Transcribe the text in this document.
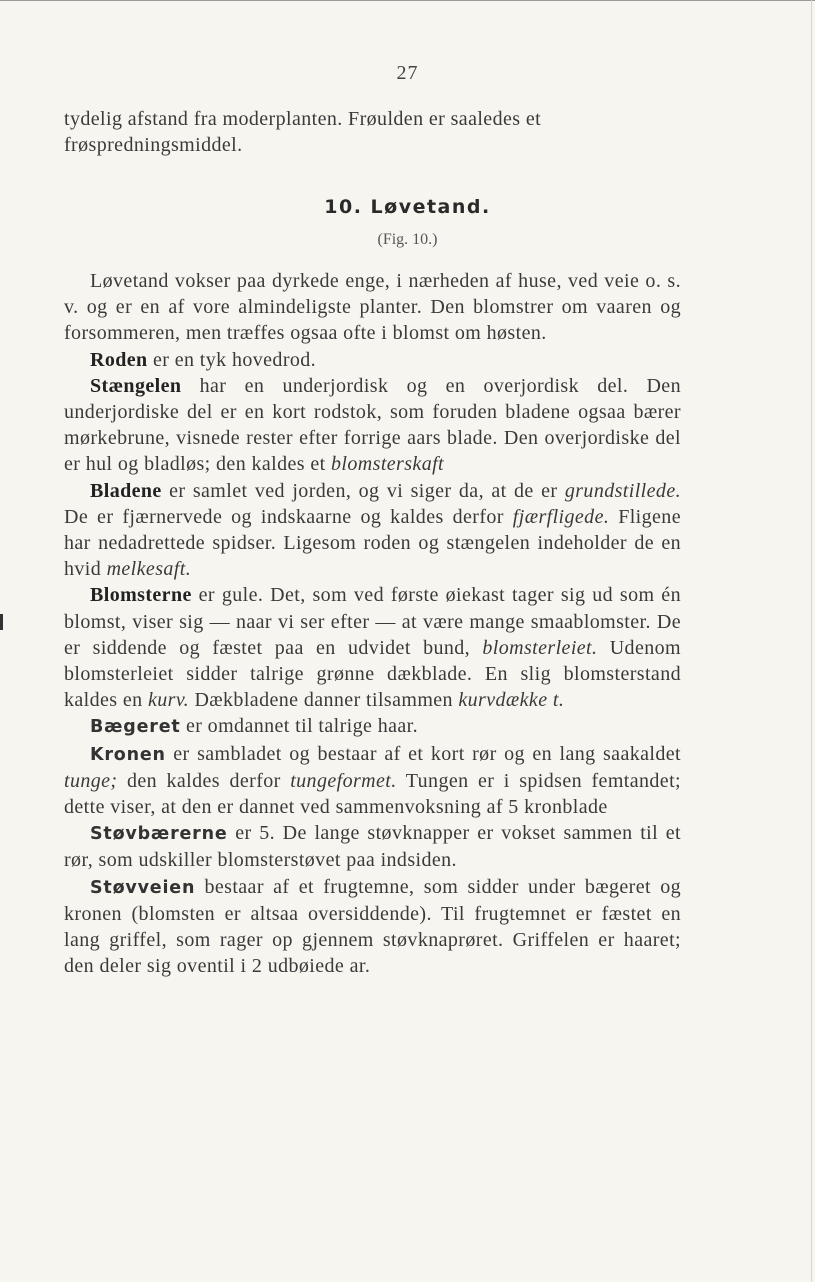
27

tydelig afstand fra moderplanten. Frøulden er saaledes et
frøspredningsmiddel.

10. Løvetand.
(Fig. 10.)

Løvetand vokser paa dyrkede enge, i nærheden af huse, ved veie o. s. v. og er en af vore almindeligste planter. Den blomstrer om vaaren og forsommeren, men træffes ogsaa ofte i blomst om høsten.

Roden er en tyk hovedrod.

Stængelen har en underjordisk og en overjordisk del. Den underjordiske del er en kort rodstok, som foruden bladene ogsaa bærer mørkebrune, visnede rester efter forrige aars blade. Den overjordiske del er hul og bladløs; den kaldes et blomsterskaft

Bladene er samlet ved jorden, og vi siger da, at de er grundstillede. De er fjærnervede og indskaarne og kaldes derfor fjærfligede. Fligene har nedadrettede spidser. Ligesom roden og stængelen indeholder de en hvid melkesaft.

Blomsterne er gule. Det, som ved første øiekast tager sig ud som én blomst, viser sig — naar vi ser efter — at være mange smaablomster. De er siddende og fæstet paa en udvidet bund, blomsterleiet. Udenom blomsterleiet sidder talrige grønne dækblade. En slig blomsterstand kaldes en kurv. Dækbladene danner tilsammen kurvdække t.

Bægeret er omdannet til talrige haar.

Kronen er sambladet og bestaar af et kort rør og en lang saakaldet tunge; den kaldes derfor tungeformet. Tungen er i spidsen femtandet; dette viser, at den er dannet ved sammenvoksning af 5 kronblade

Støvbærerne er 5. De lange støvknapper er vokset sammen til et rør, som udskiller blomsterstøvet paa indsiden.

Støvveien bestaar af et frugtemne, som sidder under bægeret og kronen (blomsten er altsaa oversiddende). Til frugtemnet er fæstet en lang griffel, som rager op gjennem støvknaprøret. Griffelen er haaret; den deler sig oventil i 2 udbøiede ar.
